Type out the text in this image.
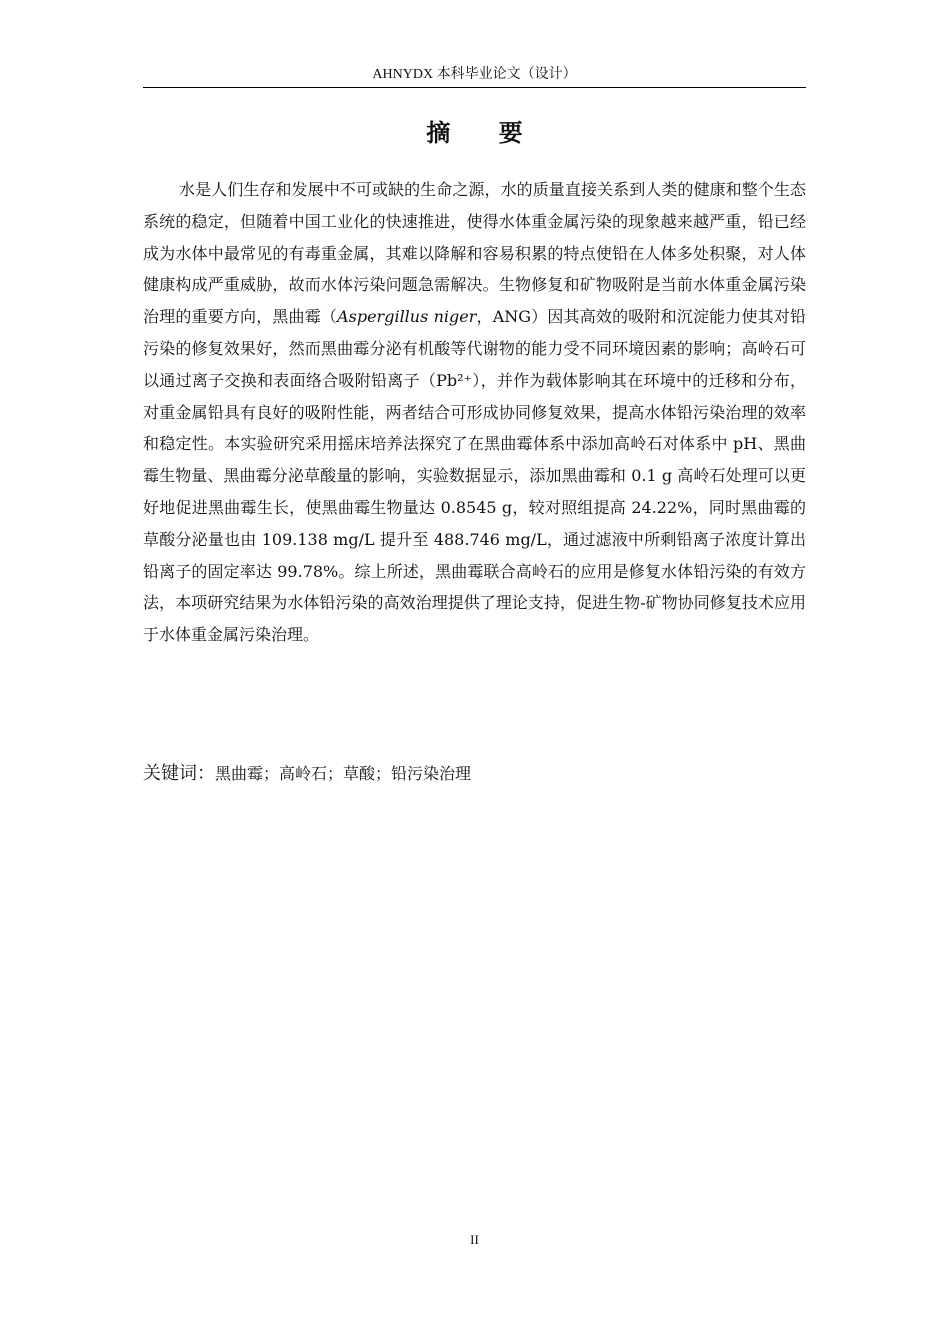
AHNYDX 本科毕业论文（设计）
摘 要

水是人们生存和发展中不可或缺的生命之源，水的质量直接关系到人类的健康和整个生态系统的稳定，但随着中国工业化的快速推进，使得水体重金属污染的现象越来越严重，铅已经成为水体中最常见的有毒重金属，其难以降解和容易积累的特点使铅在人体多处积聚，对人体健康构成严重威胁，故而水体污染问题急需解决。生物修复和矿物吸附是当前水体重金属污染治理的重要方向，黑曲霉（Aspergillus niger，ANG）因其高效的吸附和沉淀能力使其对铅污染的修复效果好，然而黑曲霉分泌有机酸等代谢物的能力受不同环境因素的影响；高岭石可以通过离子交换和表面络合吸附铅离子（Pb²⁺），并作为载体影响其在环境中的迁移和分布，对重金属铅具有良好的吸附性能，两者结合可形成协同修复效果，提高水体铅污染治理的效率和稳定性。本实验研究采用摇床培养法探究了在黑曲霉体系中添加高岭石对体系中 pH、黑曲霉生物量、黑曲霉分泌草酸量的影响，实验数据显示，添加黑曲霉和 0.1 g 高岭石处理可以更好地促进黑曲霉生长，使黑曲霉生物量达 0.8545 g，较对照组提高 24.22%，同时黑曲霉的草酸分泌量也由 109.138 mg/L 提升至 488.746 mg/L，通过滤液中所剩铅离子浓度计算出铅离子的固定率达 99.78%。综上所述，黑曲霉联合高岭石的应用是修复水体铅污染的有效方法，本项研究结果为水体铅污染的高效治理提供了理论支持，促进生物-矿物协同修复技术应用于水体重金属污染治理。

关键词：黑曲霉；高岭石；草酸；铅污染治理
II
